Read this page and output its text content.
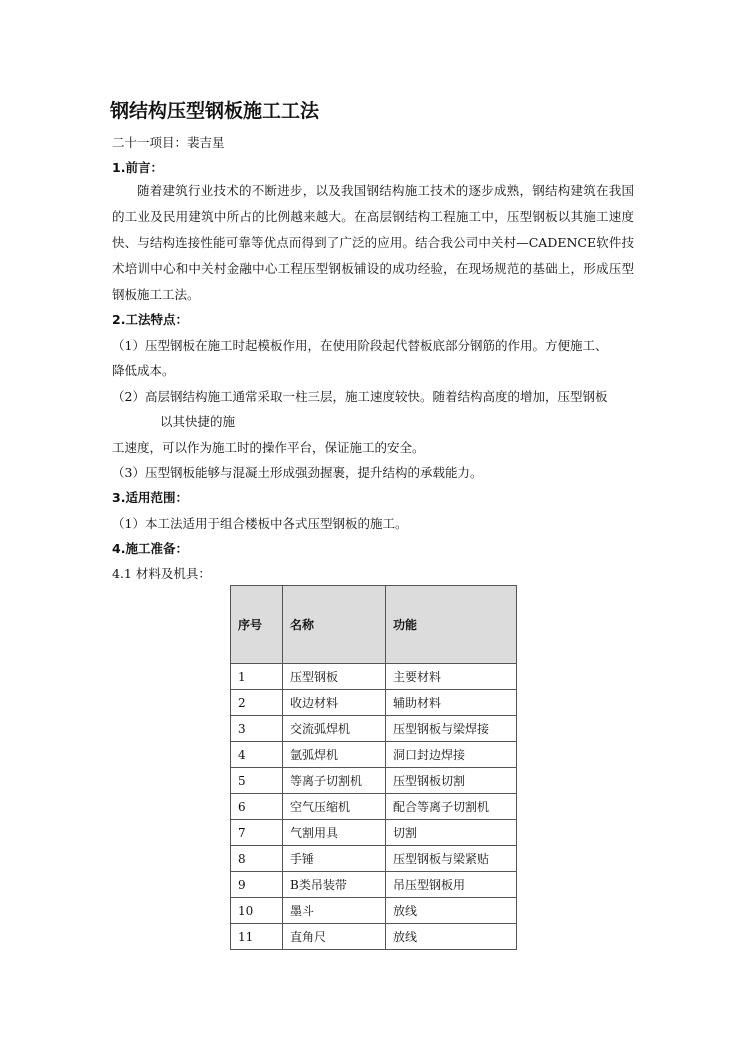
钢结构压型钢板施工工法
二十一项目：裴吉星
1.前言：
随着建筑行业技术的不断进步，以及我国钢结构施工技术的逐步成熟，钢结构建筑在我国的工业及民用建筑中所占的比例越来越大。在高层钢结构工程施工中，压型钢板以其施工速度快、与结构连接性能可靠等优点而得到了广泛的应用。结合我公司中关村—CADENCE软件技术培训中心和中关村金融中心工程压型钢板铺设的成功经验，在现场规范的基础上，形成压型钢板施工工法。
2.工法特点：
（1）压型钢板在施工时起模板作用，在使用阶段起代替板底部分钢筋的作用。方便施工、
降低成本。
（2）高层钢结构施工通常采取一柱三层，施工速度较快。随着结构高度的增加，压型钢板
以其快捷的施
工速度，可以作为施工时的操作平台，保证施工的安全。
（3）压型钢板能够与混凝土形成强劲握裹，提升结构的承载能力。
3.适用范围：
（1）本工法适用于组合楼板中各式压型钢板的施工。
4.施工准备：
4.1 材料及机具：
序号	名称	功能
1	压型钢板	主要材料
2	收边材料	辅助材料
3	交流弧焊机	压型钢板与梁焊接
4	氩弧焊机	洞口封边焊接
5	等离子切割机	压型钢板切割
6	空气压缩机	配合等离子切割机
7	气割用具	切割
8	手锤	压型钢板与梁紧贴
9	B类吊装带	吊压型钢板用
10	墨斗	放线
11	直角尺	放线
